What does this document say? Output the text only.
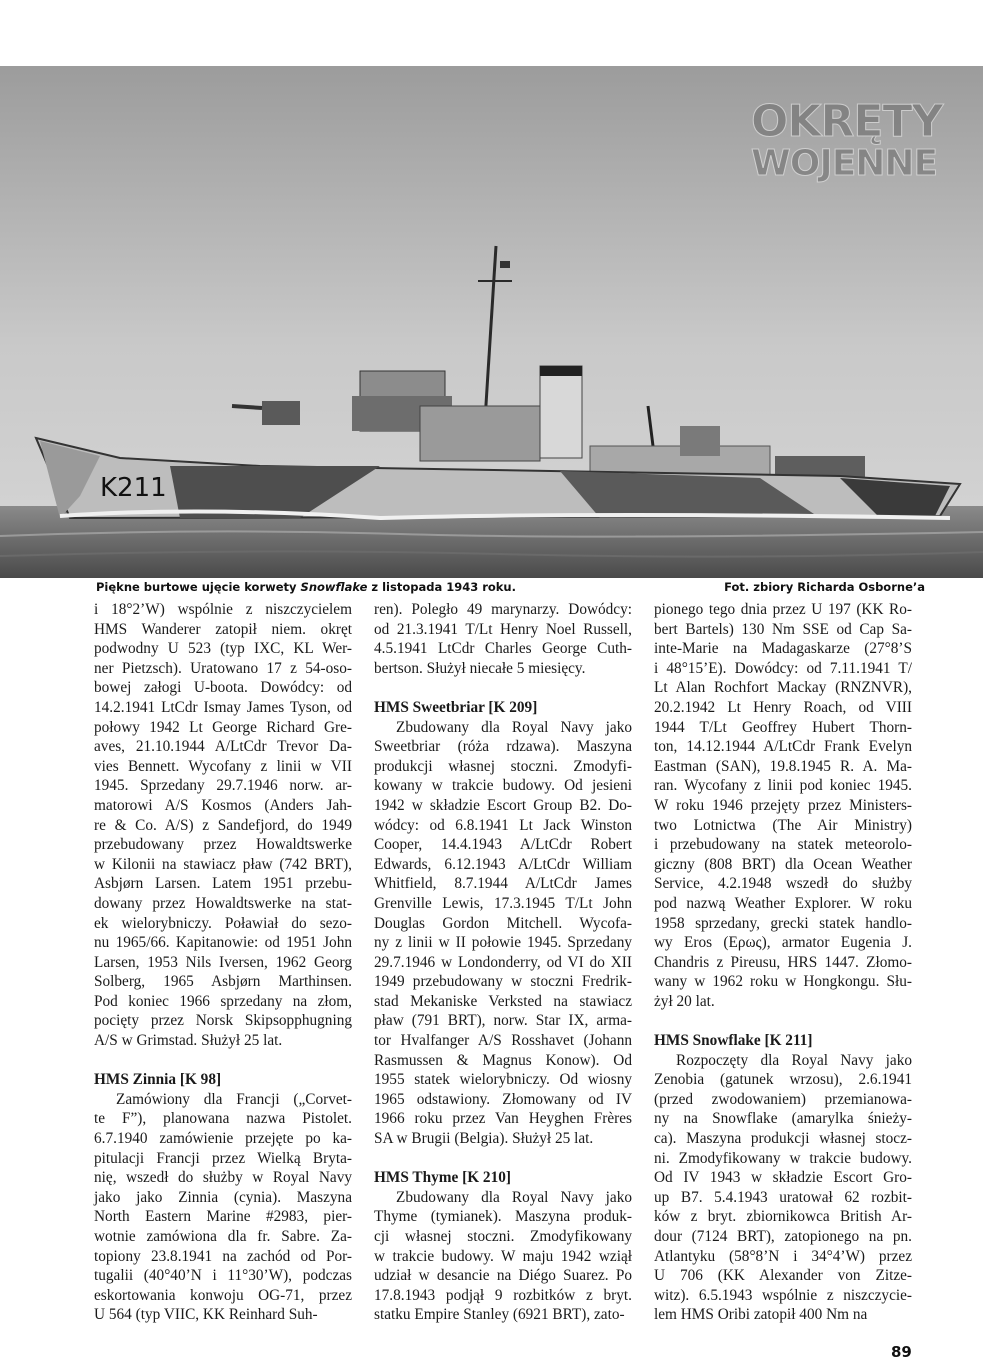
K211
OKRĘTY
WOJENNE
Piękne burtowe ujęcie korwety Snowflake z listopada 1943 roku.	Fot. zbiory Richarda Osborne’a
i 18°2’W) wspólnie z niszczycielem
HMS Wanderer zatopił niem. okręt
podwodny U 523 (typ IXC, KL Wer-
ner Pietzsch). Uratowano 17 z 54-oso-
bowej załogi U-boota. Dowódcy: od
14.2.1941 LtCdr Ismay James Tyson, od
połowy 1942 Lt George Richard Gre-
aves, 21.10.1944 A/LtCdr Trevor Da-
vies Bennett. Wycofany z linii w VII
1945. Sprzedany 29.7.1946 norw. ar-
matorowi A/S Kosmos (Anders Jah-
re & Co. A/S) z Sandefjord, do 1949
przebudowany przez Howaldtswerke
w Kilonii na stawiacz pław (742 BRT),
Asbjørn Larsen. Latem 1951 przebu-
dowany przez Howaldtswerke na stat-
ek wielorybniczy. Poławiał do sezo-
nu 1965/66. Kapitanowie: od 1951 John
Larsen, 1953 Nils Iversen, 1962 Georg
Solberg, 1965 Asbjørn Marthinsen.
Pod koniec 1966 sprzedany na złom,
pocięty przez Norsk Skipsopphugning
A/S w Grimstad. Służył 25 lat.
HMS Zinnia [K 98]
Zamówiony dla Francji („Corvet-
te F”), planowana nazwa Pistolet.
6.7.1940 zamówienie przejęte po ka-
pitulacji Francji przez Wielką Bryta-
nię, wszedł do służby w Royal Navy
jako jako Zinnia (cynia). Maszyna
North Eastern Marine #2983, pier-
wotnie zamówiona dla fr. Sabre. Za-
topiony 23.8.1941 na zachód od Por-
tugalii (40°40’N i 11°30’W), podczas
eskortowania konwoju OG-71, przez
U 564 (typ VIIC, KK Reinhard Suh-
ren). Poległo 49 marynarzy. Dowódcy:
od 21.3.1941 T/Lt Henry Noel Russell,
4.5.1941 LtCdr Charles George Cuth-
bertson. Służył niecałe 5 miesięcy.
HMS Sweetbriar [K 209]
Zbudowany dla Royal Navy jako
Sweetbriar (róża rdzawa). Maszyna
produkcji własnej stoczni. Zmodyfi-
kowany w trakcie budowy. Od jesieni
1942 w składzie Escort Group B2. Do-
wódcy: od 6.8.1941 Lt Jack Winston
Cooper, 14.4.1943 A/LtCdr Robert
Edwards, 6.12.1943 A/LtCdr William
Whitfield, 8.7.1944 A/LtCdr James
Grenville Lewis, 17.3.1945 T/Lt John
Douglas Gordon Mitchell. Wycofa-
ny z linii w II połowie 1945. Sprzedany
29.7.1946 w Londonderry, od VI do XII
1949 przebudowany w stoczni Fredrik-
stad Mekaniske Verksted na stawiacz
pław (791 BRT), norw. Star IX, arma-
tor Hvalfanger A/S Rosshavet (Johann
Rasmussen & Magnus Konow). Od
1955 statek wielorybniczy. Od wiosny
1965 odstawiony. Złomowany od IV
1966 roku przez Van Heyghen Frères
SA w Brugii (Belgia). Służył 25 lat.
HMS Thyme [K 210]
Zbudowany dla Royal Navy jako
Thyme (tymianek). Maszyna produk-
cji własnej stoczni. Zmodyfikowany
w trakcie budowy. W maju 1942 wziął
udział w desancie na Diégo Suarez. Po
17.8.1943 podjął 9 rozbitków z bryt.
statku Empire Stanley (6921 BRT), zato-
pionego tego dnia przez U 197 (KK Ro-
bert Bartels) 130 Nm SSE od Cap Sa-
inte-Marie na Madagaskarze (27°8’S
i 48°15’E). Dowódcy: od 7.11.1941 T/
Lt Alan Rochfort Mackay (RNZNVR),
20.2.1942 Lt Henry Roach, od VIII
1944 T/Lt Geoffrey Hubert Thorn-
ton, 14.12.1944 A/LtCdr Frank Evelyn
Eastman (SAN), 19.8.1945 R. A. Ma-
ran. Wycofany z linii pod koniec 1945.
W roku 1946 przejęty przez Ministers-
two Lotnictwa (The Air Ministry)
i przebudowany na statek meteorolo-
giczny (808 BRT) dla Ocean Weather
Service, 4.2.1948 wszedł do służby
pod nazwą Weather Explorer. W roku
1958 sprzedany, grecki statek handlo-
wy Eros (Ερως), armator Eugenia J.
Chandris z Pireusu, HRS 1447. Złomo-
wany w 1962 roku w Hongkongu. Słu-
żył 20 lat.
HMS Snowflake [K 211]
Rozpoczęty dla Royal Navy jako
Zenobia (gatunek wrzosu), 2.6.1941
(przed zwodowaniem) przemianowa-
ny na Snowflake (amarylka śnieży-
ca). Maszyna produkcji własnej stocz-
ni. Zmodyfikowany w trakcie budowy.
Od IV 1943 w składzie Escort Gro-
up B7. 5.4.1943 uratował 62 rozbit-
ków z bryt. zbiornikowca British Ar-
dour (7124 BRT), zatopionego na pn.
Atlantyku (58°8’N i 34°4’W) przez
U 706 (KK Alexander von Zitze-
witz). 6.5.1943 wspólnie z niszczycie-
lem HMS Oribi zatopił 400 Nm na
89
